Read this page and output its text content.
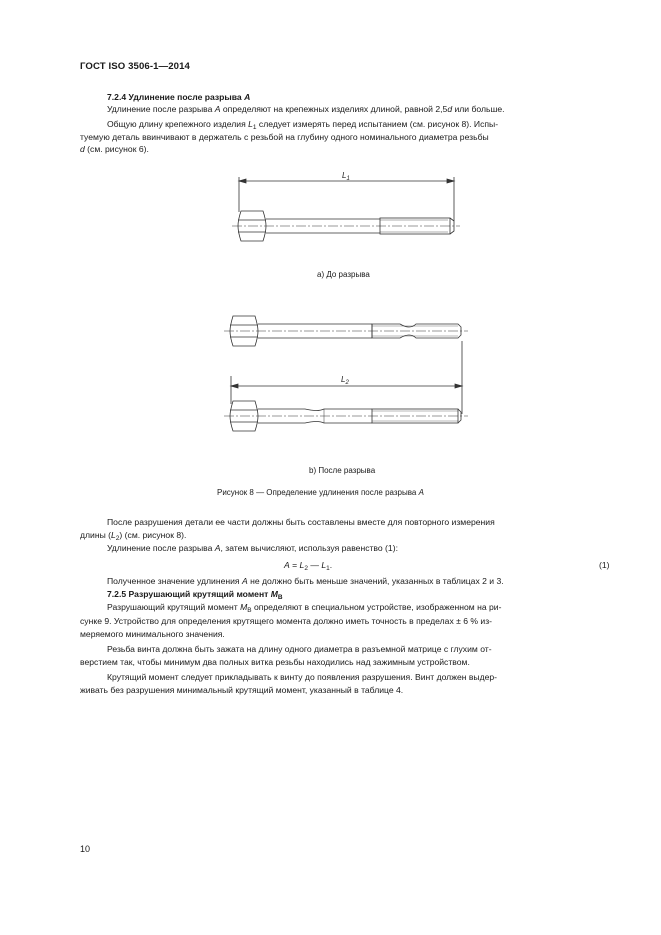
ГОСТ ISO 3506-1—2014
7.2.4 Удлинение после разрыва A
Удлинение после разрыва A определяют на крепежных изделиях длиной, равной 2,5d или больше.
Общую длину крепежного изделия $L_1$ следует измерять перед испытанием (см. рисунок 8). Испы-
туемую деталь ввинчивают в держатель с резьбой на глубину одного номинального диаметра резьбы
d (см. рисунок 6).
$L_1$
а) До разрыва
$L_2$
b) После разрыва
Рисунок 8 — Определение удлинения после разрыва A
После разрушения детали ее части должны быть составлены вместе для повторного измерения
длины $(L_2)$ (см. рисунок 8).
Удлинение после разрыва A, затем вычисляют, используя равенство (1):
$A = L_2$ — $L_1$.	(1)
Полученное значение удлинения A не должно быть меньше значений, указанных в таблицах 2 и 3.
7.2.5 Разрушающий крутящий момент $M_B$
Разрушающий крутящий момент $M_B$ определяют в специальном устройстве, изображенном на ри-
сунке 9. Устройство для определения крутящего момента должно иметь точность в пределах ± 6 % из-
меряемого минимального значения.
Резьба винта должна быть зажата на длину одного диаметра в разъемной матрице с глухим от-
верстием так, чтобы минимум два полных витка резьбы находились над зажимным устройством.
Крутящий момент следует прикладывать к винту до появления разрушения. Винт должен выдер-
живать без разрушения минимальный крутящий момент, указанный в таблице 4.
10
